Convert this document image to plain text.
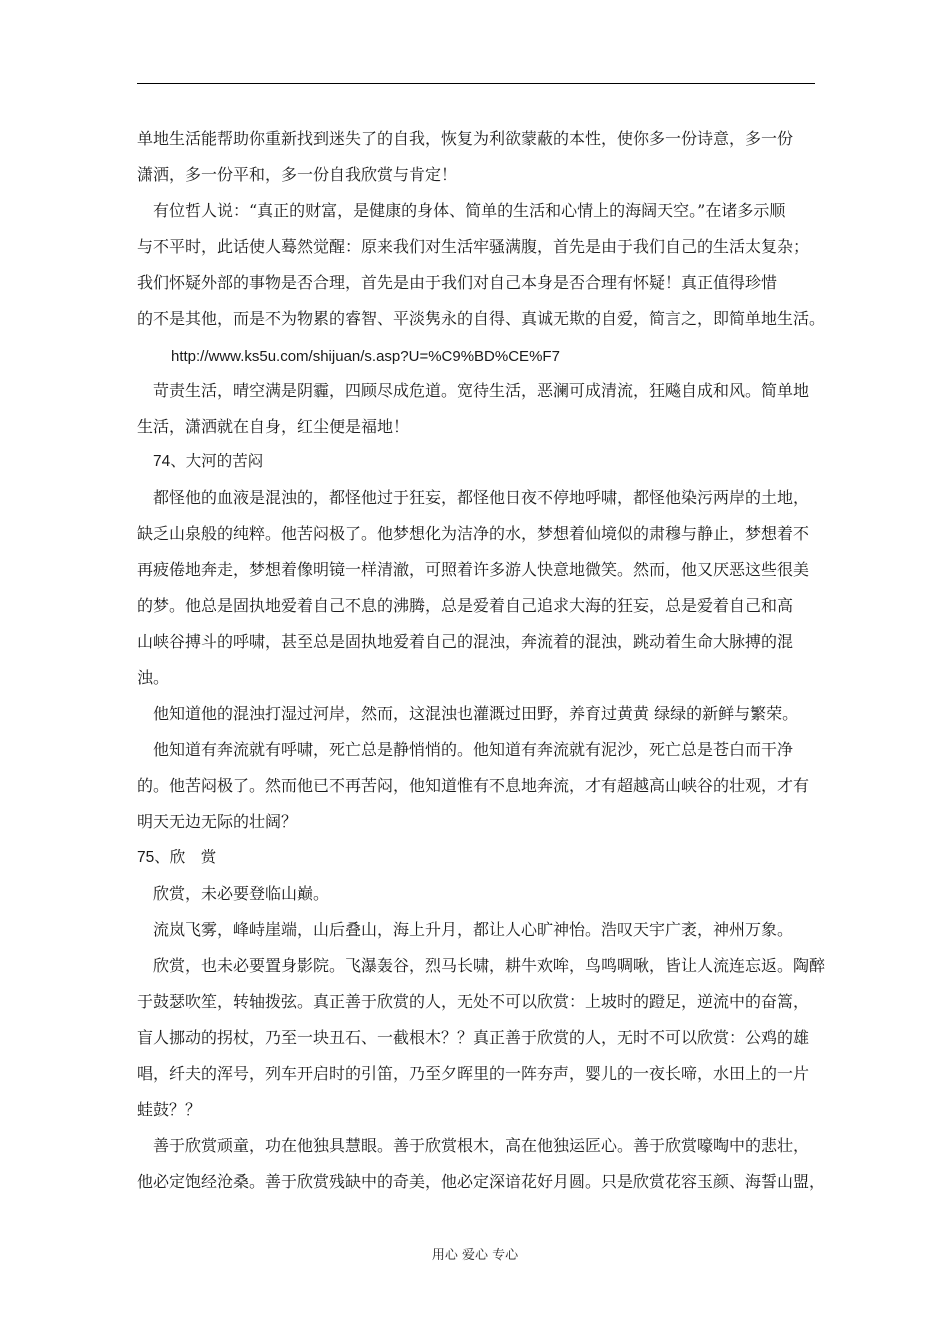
单地生活能帮助你重新找到迷失了的自我，恢复为利欲蒙蔽的本性，使你多一份诗意，多一份
潇洒，多一份平和，多一份自我欣赏与肯定！
有位哲人说：“真正的财富，是健康的身体、简单的生活和心情上的海阔天空。”在诸多示顺
与不平时，此话使人蓦然觉醒：原来我们对生活牢骚满腹，首先是由于我们自己的生活太复杂；
我们怀疑外部的事物是否合理，首先是由于我们对自己本身是否合理有怀疑！真正值得珍惜
的不是其他，而是不为物累的睿智、平淡隽永的自得、真诚无欺的自爱，简言之，即简单地生活。
http://www.ks5u.com/shijuan/s.asp?U=%C9%BD%CE%F7
苛责生活，晴空满是阴霾，四顾尽成危道。宽待生活，恶澜可成清流，狂飚自成和风。简单地
生活，潇洒就在自身，红尘便是福地！
74、大河的苦闷
都怪他的血液是混浊的，都怪他过于狂妄，都怪他日夜不停地呼啸，都怪他染污两岸的土地，
缺乏山泉般的纯粹。他苦闷极了。他梦想化为洁净的水，梦想着仙境似的肃穆与静止，梦想着不
再疲倦地奔走，梦想着像明镜一样清澈，可照着许多游人快意地微笑。然而，他又厌恶这些很美
的梦。他总是固执地爱着自己不息的沸腾，总是爱着自己追求大海的狂妄，总是爱着自己和高
山峡谷搏斗的呼啸，甚至总是固执地爱着自己的混浊，奔流着的混浊，跳动着生命大脉搏的混
浊。
他知道他的混浊打湿过河岸，然而，这混浊也灌溉过田野，养育过黄黄 绿绿的新鲜与繁荣。
他知道有奔流就有呼啸，死亡总是静悄悄的。他知道有奔流就有泥沙，死亡总是苍白而干净
的。他苦闷极了。然而他已不再苦闷，他知道惟有不息地奔流，才有超越高山峡谷的壮观，才有
明天无边无际的壮阔？
75、欣　赏
欣赏，未必要登临山巅。
流岚飞雾，峰峙崖端，山后叠山，海上升月，都让人心旷神怡。浩叹天宇广袤，神州万象。
欣赏，也未必要置身影院。飞瀑轰谷，烈马长啸，耕牛欢哞，鸟鸣啁啾，皆让人流连忘返。陶醉
于鼓瑟吹笙，转轴拨弦。真正善于欣赏的人，无处不可以欣赏：上坡时的蹬足，逆流中的奋篙，
盲人挪动的拐杖，乃至一块丑石、一截根木？？真正善于欣赏的人，无时不可以欣赏：公鸡的雄
唱，纤夫的浑号，列车开启时的引笛，乃至夕晖里的一阵夯声，婴儿的一夜长啼，水田上的一片
蛙鼓？？
善于欣赏顽童，功在他独具慧眼。善于欣赏根木，高在他独运匠心。善于欣赏嚎啕中的悲壮，
他必定饱经沧桑。善于欣赏残缺中的奇美，他必定深谙花好月圆。只是欣赏花容玉颜、海誓山盟，
用心 爱心 专心
